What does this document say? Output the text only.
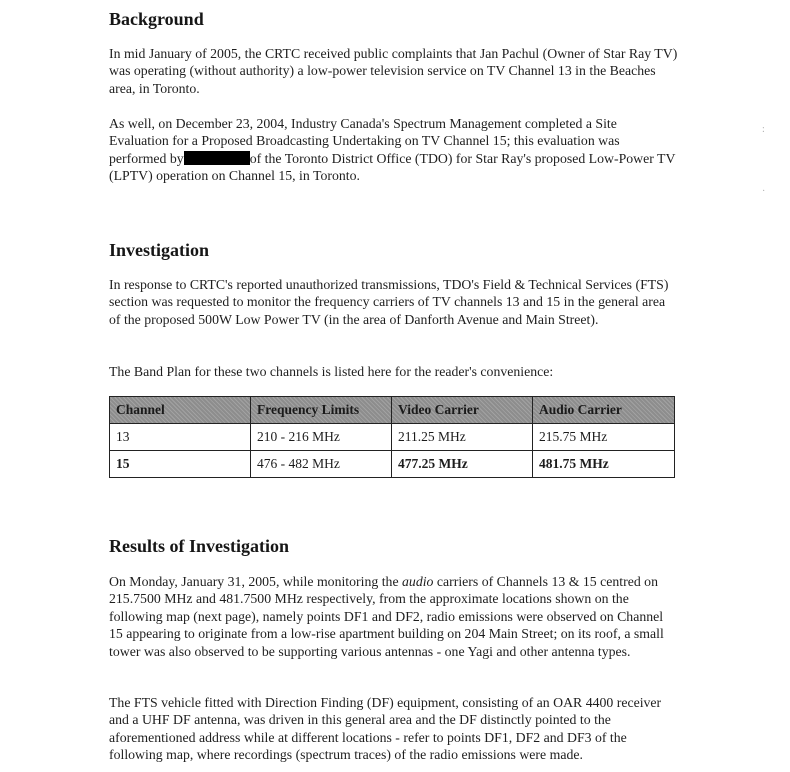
Background

In mid January of 2005, the CRTC received public complaints that Jan Pachul (Owner of Star Ray TV) was operating (without authority) a low-power television service on TV Channel 13 in the Beaches area, in Toronto.

As well, on December 23, 2004, Industry Canada's Spectrum Management completed a Site Evaluation for a Proposed Broadcasting Undertaking on TV Channel 15; this evaluation was performed by	of the Toronto District Office (TDO) for Star Ray's proposed Low-Power TV (LPTV) operation on Channel 15, in Toronto.

Investigation

In response to CRTC's reported unauthorized transmissions, TDO's Field & Technical Services (FTS) section was requested to monitor the frequency carriers of TV channels 13 and 15 in the general area of the proposed 500W Low Power TV (in the area of Danforth Avenue and Main Street).

The Band Plan for these two channels is listed here for the reader's convenience:

Channel	Frequency Limits	Video Carrier	Audio Carrier
13	210 - 216 MHz	211.25 MHz	215.75 MHz
15	476 - 482 MHz	477.25 MHz	481.75 MHz
Results of Investigation

On Monday, January 31, 2005, while monitoring the audio carriers of Channels 13 & 15 centred on 215.7500 MHz and 481.7500 MHz respectively, from the approximate locations shown on the following map (next page), namely points DF1 and DF2, radio emissions were observed on Channel 15 appearing to originate from a low-rise apartment building on 204 Main Street; on its roof, a small tower was also observed to be supporting various antennas - one Yagi and other antenna types.

The FTS vehicle fitted with Direction Finding (DF) equipment, consisting of an OAR 4400 receiver and a UHF DF antenna, was driven in this general area and the DF distinctly pointed to the aforementioned address while at different locations - refer to points DF1, DF2 and DF3 of the following map, where recordings (spectrum traces) of the radio emissions were made.

:
·
